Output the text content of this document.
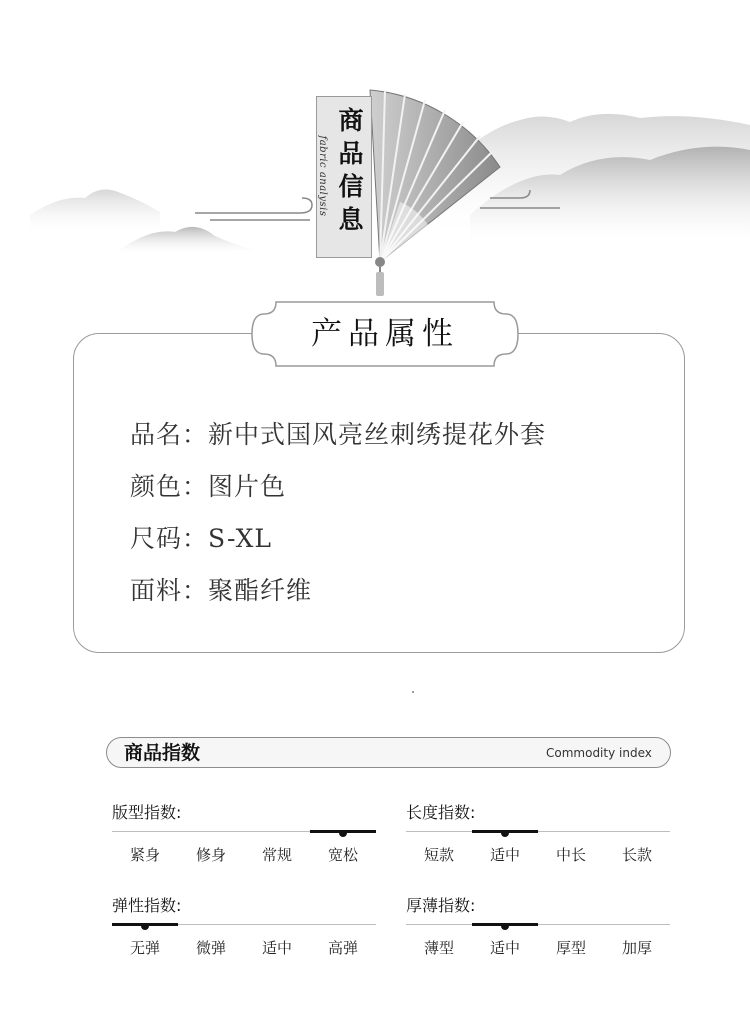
商品信息
fabric analysis
产品属性
品名：新中式国风亮丝刺绣提花外套
颜色：图片色
尺码：S-XL
面料：聚酯纤维
商品指数	Commodity index
版型指数:
紧身	修身	常规	宽松
长度指数:
短款	适中	中长	长款
弹性指数:
无弹	微弹	适中	高弹
厚薄指数:
薄型	适中	厚型	加厚
